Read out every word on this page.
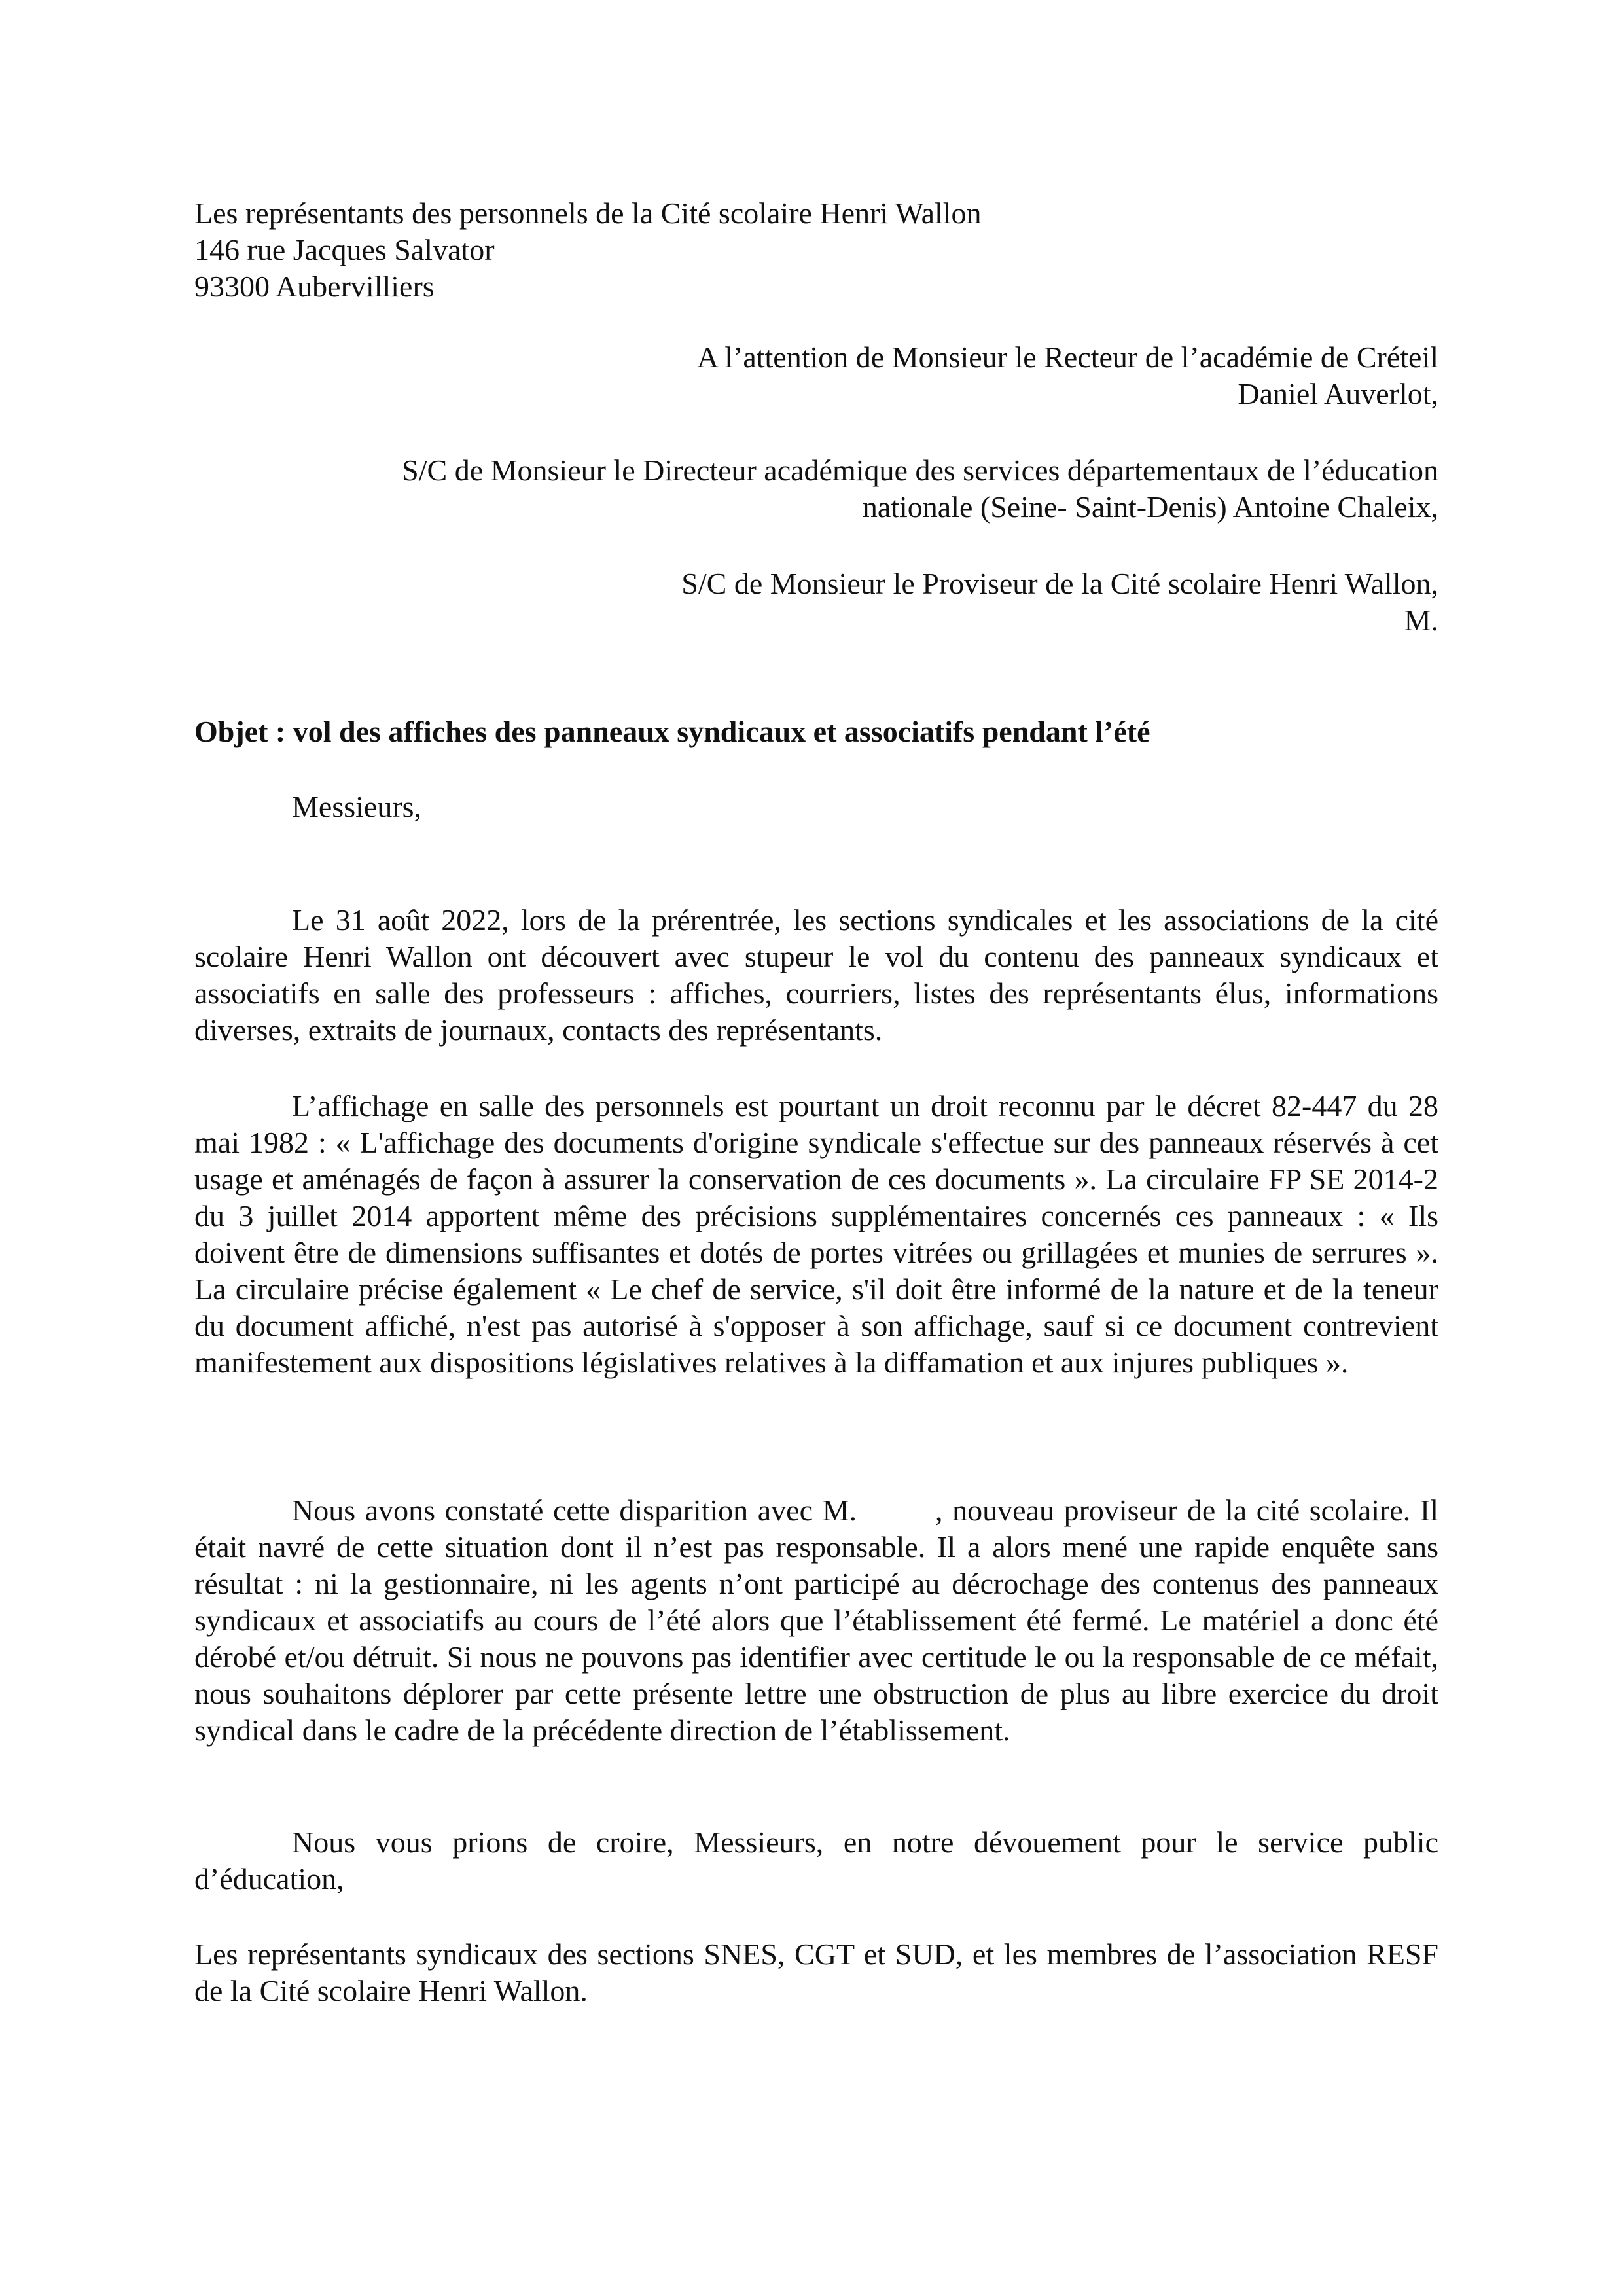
Les représentants des personnels de la Cité scolaire Henri Wallon
146 rue Jacques Salvator
93300 Aubervilliers
A l’attention de Monsieur le Recteur de l’académie de Créteil
Daniel Auverlot,
S/C de Monsieur le Directeur académique des services départementaux de l’éducation
nationale (Seine- Saint-Denis) Antoine Chaleix,
S/C de Monsieur le Proviseur de la Cité scolaire Henri Wallon,
M.
Objet : vol des affiches des panneaux syndicaux et associatifs pendant l’été
Messieurs,

Le 31 août 2022, lors de la prérentrée, les sections syndicales et les associations de la cité scolaire Henri Wallon ont découvert avec stupeur le vol du contenu des panneaux syndicaux et associatifs en salle des professeurs : affiches, courriers, listes des représentants élus, informations diverses, extraits de journaux, contacts des représentants.

L’affichage en salle des personnels est pourtant un droit reconnu par le décret 82-447 du 28 mai 1982 : « L'affichage des documents d'origine syndicale s'effectue sur des panneaux réservés à cet usage et aménagés de façon à assurer la conservation de ces documents ». La circulaire FP SE 2014-2 du 3 juillet 2014 apportent même des précisions supplémentaires concernés ces panneaux : « Ils doivent être de dimensions suffisantes et dotés de portes vitrées ou grillagées et munies de serrures ». La circulaire précise également « Le chef de service, s'il doit être informé de la nature et de la teneur du document affiché, n'est pas autorisé à s'opposer à son affichage, sauf si ce document contrevient manifestement aux dispositions législatives relatives à la diffamation et aux injures publiques ».

Nous avons constaté cette disparition avec M.	, nouveau proviseur de la cité scolaire. Il était navré de cette situation dont il n’est pas responsable. Il a alors mené une rapide enquête sans résultat : ni la gestionnaire, ni les agents n’ont participé au décrochage des contenus des panneaux syndicaux et associatifs au cours de l’été alors que l’établissement été fermé. Le matériel a donc été dérobé et/ou détruit. Si nous ne pouvons pas identifier avec certitude le ou la responsable de ce méfait, nous souhaitons déplorer par cette présente lettre une obstruction de plus au libre exercice du droit syndical dans le cadre de la précédente direction de l’établissement.

Nous vous prions de croire, Messieurs, en notre dévouement pour le service public d’éducation,

Les représentants syndicaux des sections SNES, CGT et SUD, et les membres de l’association RESF de la Cité scolaire Henri Wallon.
